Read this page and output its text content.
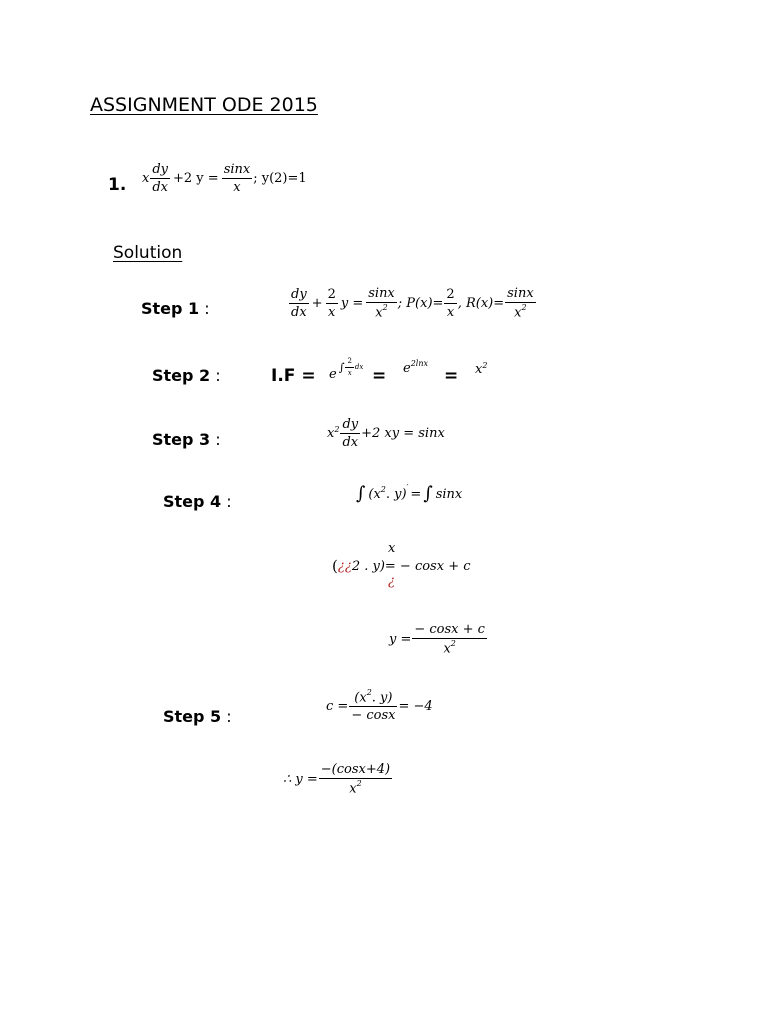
ASSIGNMENT ODE 2015
1. x
dy
dx
+2 $y = \frac{\sin x}{x}$ ; y(2)=1
Solution
Step 1 :
dy
dx
+ $\frac{2}{x}$ $y = \frac{\sin x}{x^2}$ ; $P(x)= \frac{2}{x}$ , $R(x)= \frac{\sin x}{x^2}$
Step 2 :	I.F = e ∫ 2
x
dx = $e^{2lnx}$
= $x^2$
Step 3 :	$x^2$ dy
dx
+2 xy = sinx
Step 4 :	∫ ($x^2$ . y)′ = ∫ sinx
x
( ¿¿ 2 . y)= − cosx + c
¿
$y = \frac{- \cos x + c}{x^2}$
Step 5 :
$c = \frac{(x^2. y)}{- \cos x} = -4$
∴ $y = \frac{-(\cos x+4)}{x^2}$
